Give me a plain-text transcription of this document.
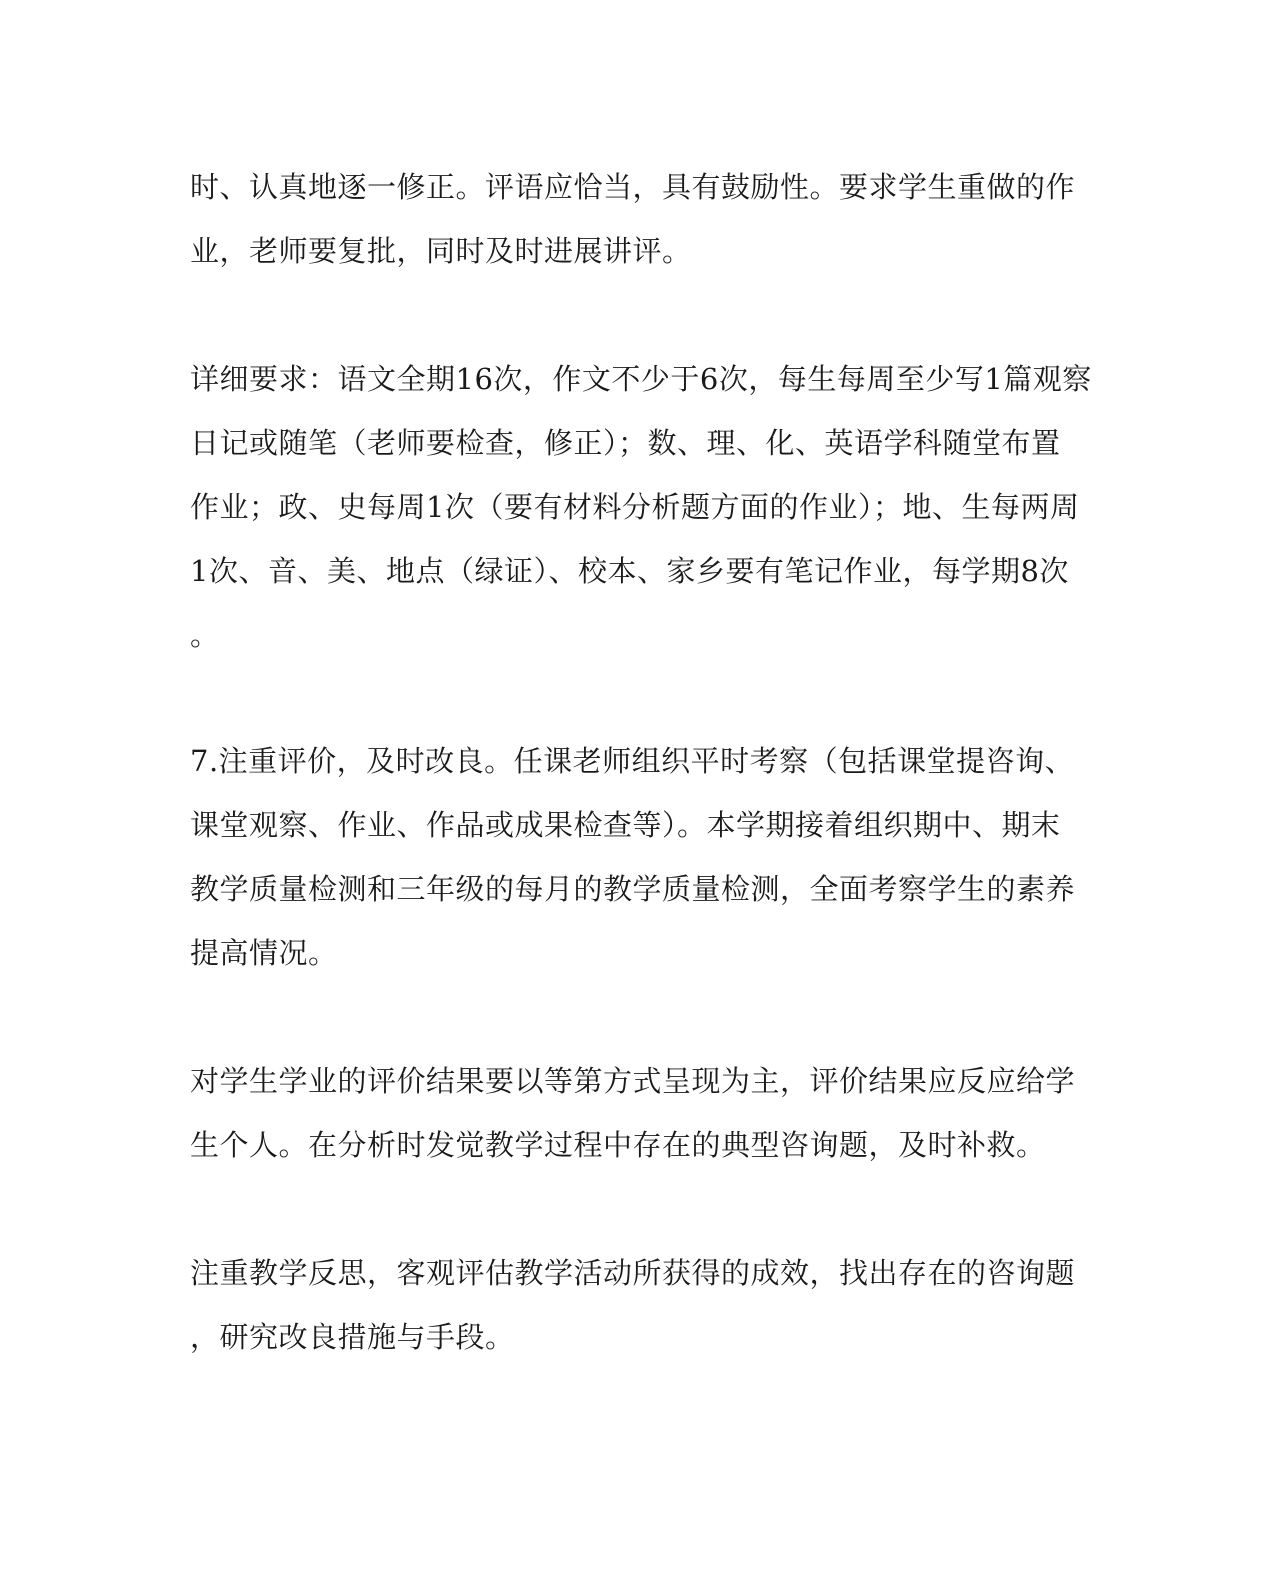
时、认真地逐一修正。评语应恰当，具有鼓励性。要求学生重做的作

业，老师要复批，同时及时进展讲评。

详细要求：语文全期16次，作文不少于6次，每生每周至少写1篇观察

日记或随笔（老师要检查，修正）；数、理、化、英语学科随堂布置

作业；政、史每周1次（要有材料分析题方面的作业）；地、生每两周

1次、音、美、地点（绿证）、校本、家乡要有笔记作业，每学期8次

。

7.注重评价，及时改良。任课老师组织平时考察（包括课堂提咨询、

课堂观察、作业、作品或成果检查等）。本学期接着组织期中、期末

教学质量检测和三年级的每月的教学质量检测，全面考察学生的素养

提高情况。

对学生学业的评价结果要以等第方式呈现为主，评价结果应反应给学

生个人。在分析时发觉教学过程中存在的典型咨询题，及时补救。

注重教学反思，客观评估教学活动所获得的成效，找出存在的咨询题

，研究改良措施与手段。
